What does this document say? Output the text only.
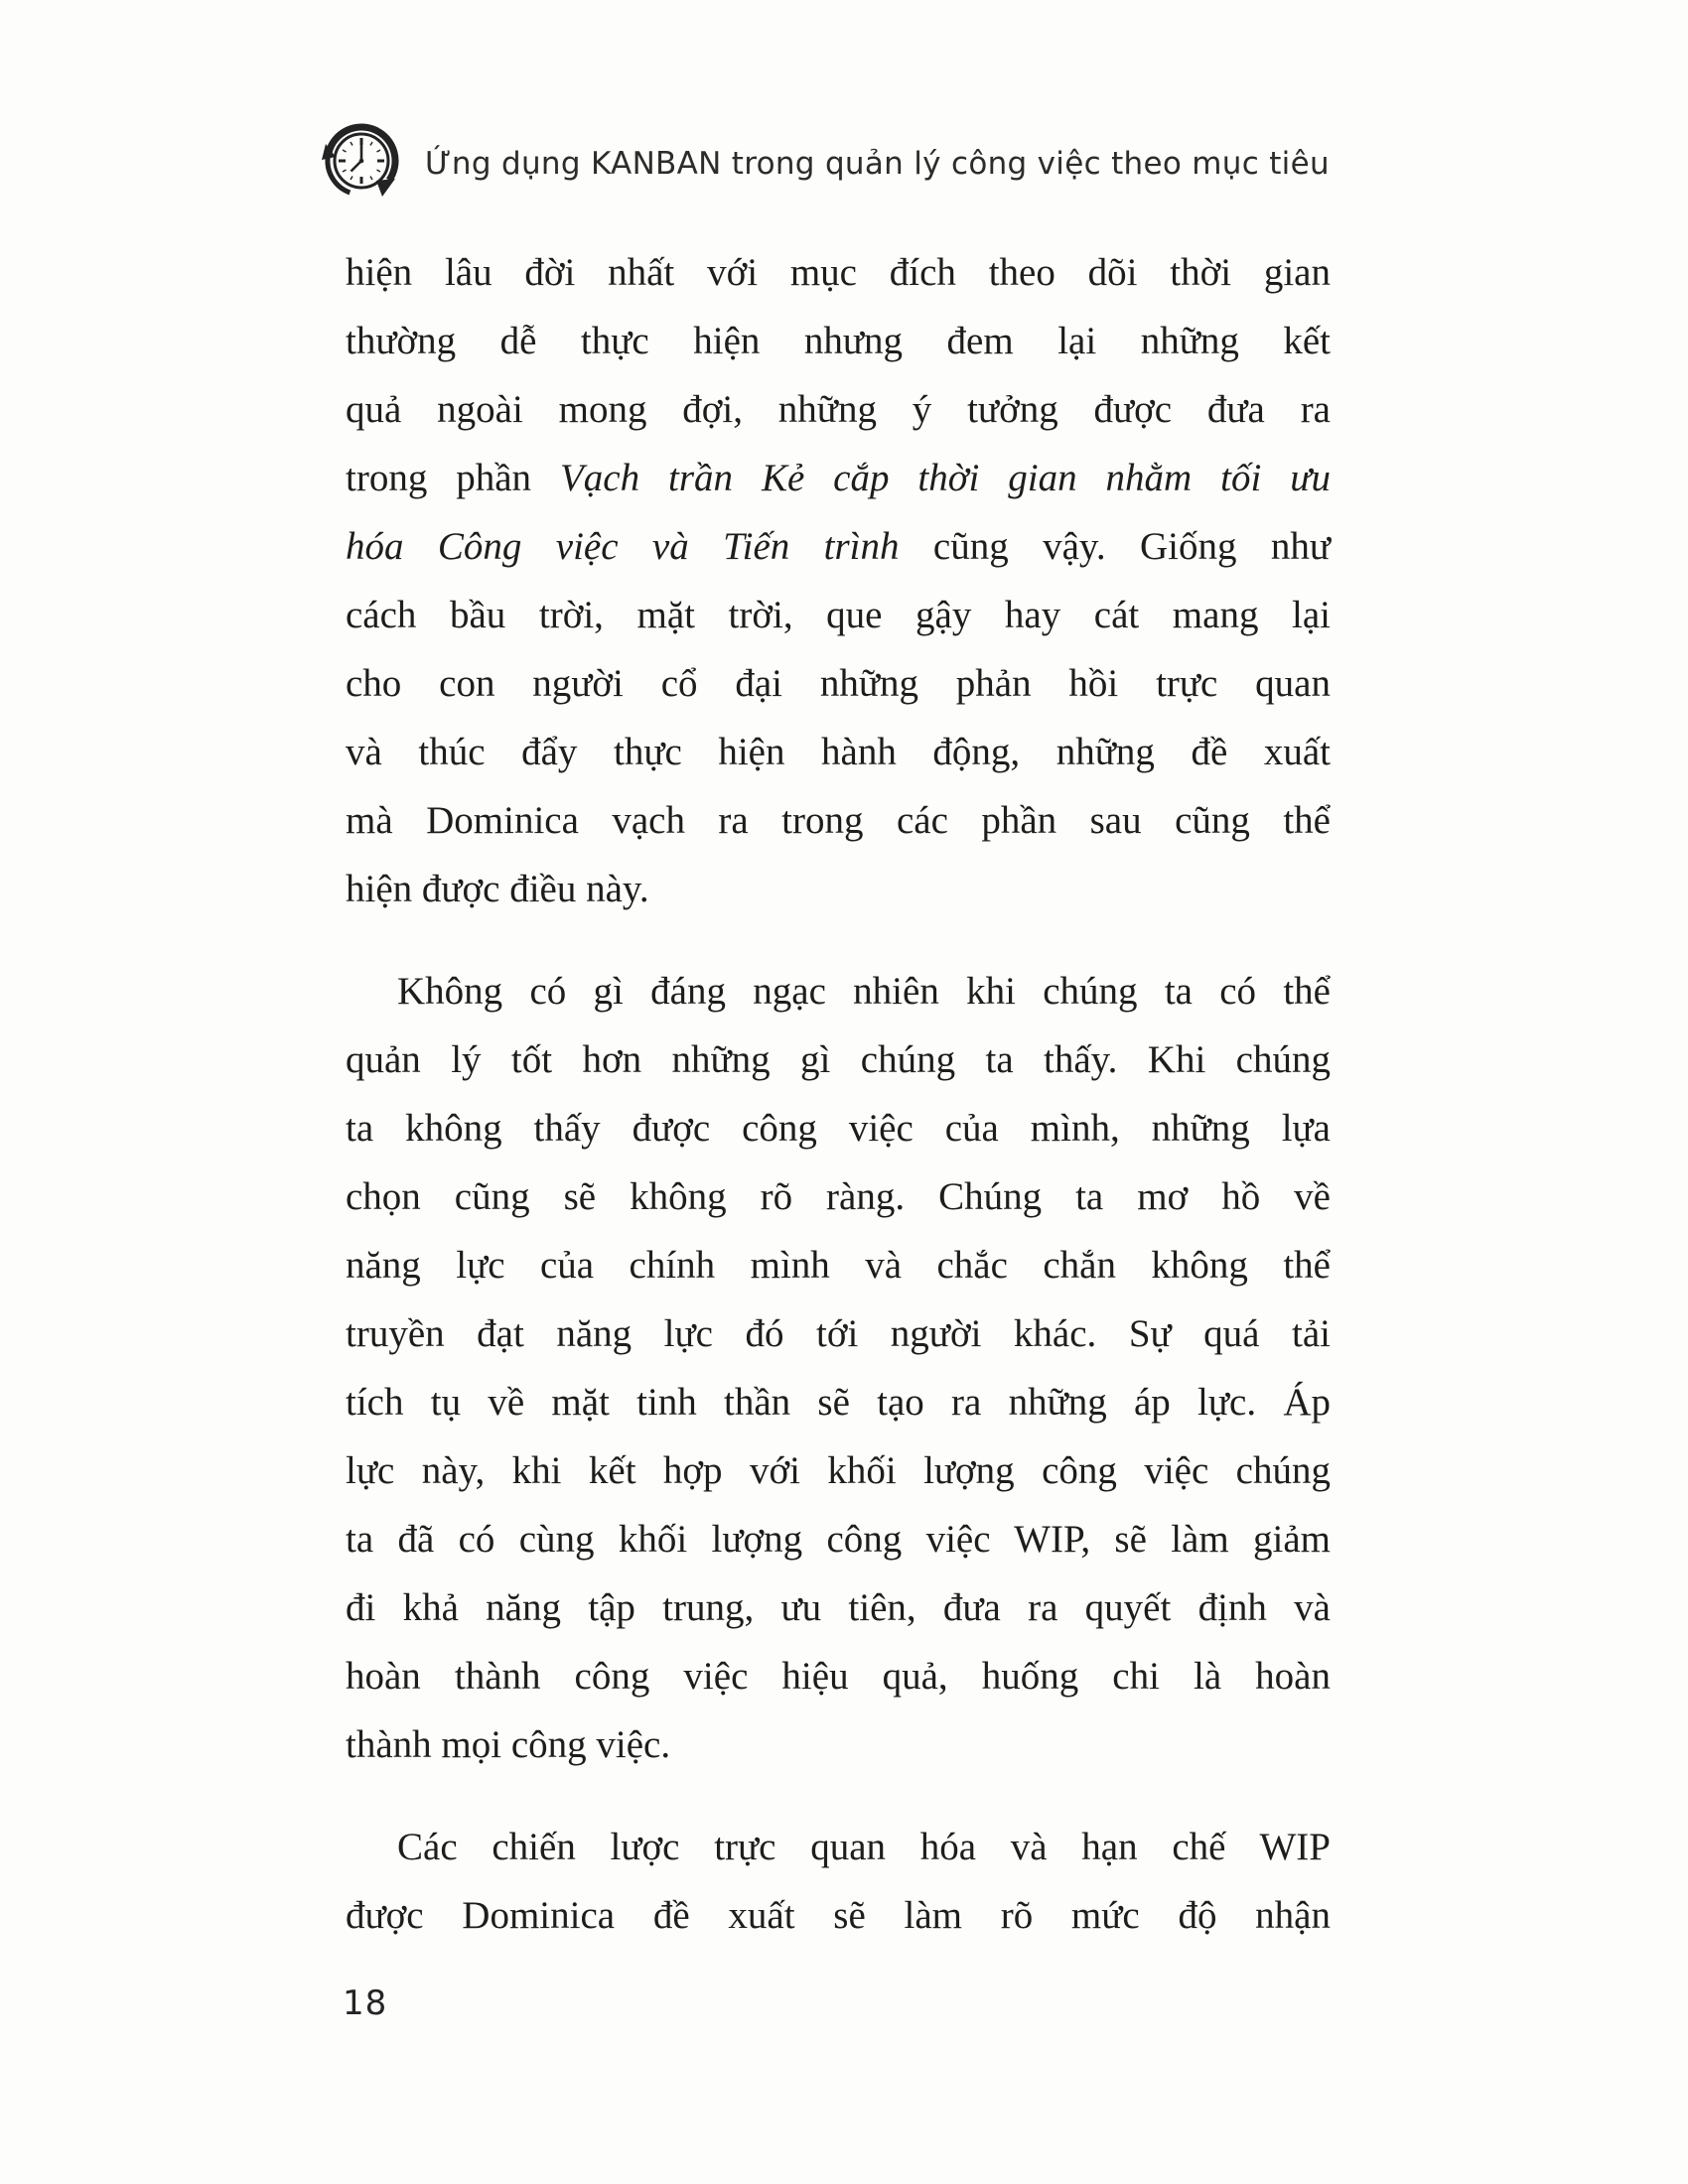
Ứng dụng KANBAN trong quản lý công việc theo mục tiêu
hiện lâu đời nhất với mục đích theo dõi thời gian
thường dễ thực hiện nhưng đem lại những kết
quả ngoài mong đợi, những ý tưởng được đưa ra
trong phần Vạch trần Kẻ cắp thời gian nhằm tối ưu
hóa Công việc và Tiến trình cũng vậy. Giống như
cách bầu trời, mặt trời, que gậy hay cát mang lại
cho con người cổ đại những phản hồi trực quan
và thúc đẩy thực hiện hành động, những đề xuất
mà Dominica vạch ra trong các phần sau cũng thể
hiện được điều này.
Không có gì đáng ngạc nhiên khi chúng ta có thể
quản lý tốt hơn những gì chúng ta thấy. Khi chúng
ta không thấy được công việc của mình, những lựa
chọn cũng sẽ không rõ ràng. Chúng ta mơ hồ về
năng lực của chính mình và chắc chắn không thể
truyền đạt năng lực đó tới người khác. Sự quá tải
tích tụ về mặt tinh thần sẽ tạo ra những áp lực. Áp
lực này, khi kết hợp với khối lượng công việc chúng
ta đã có cùng khối lượng công việc WIP, sẽ làm giảm
đi khả năng tập trung, ưu tiên, đưa ra quyết định và
hoàn thành công việc hiệu quả, huống chi là hoàn
thành mọi công việc.
Các chiến lược trực quan hóa và hạn chế WIP
được Dominica đề xuất sẽ làm rõ mức độ nhận
18
